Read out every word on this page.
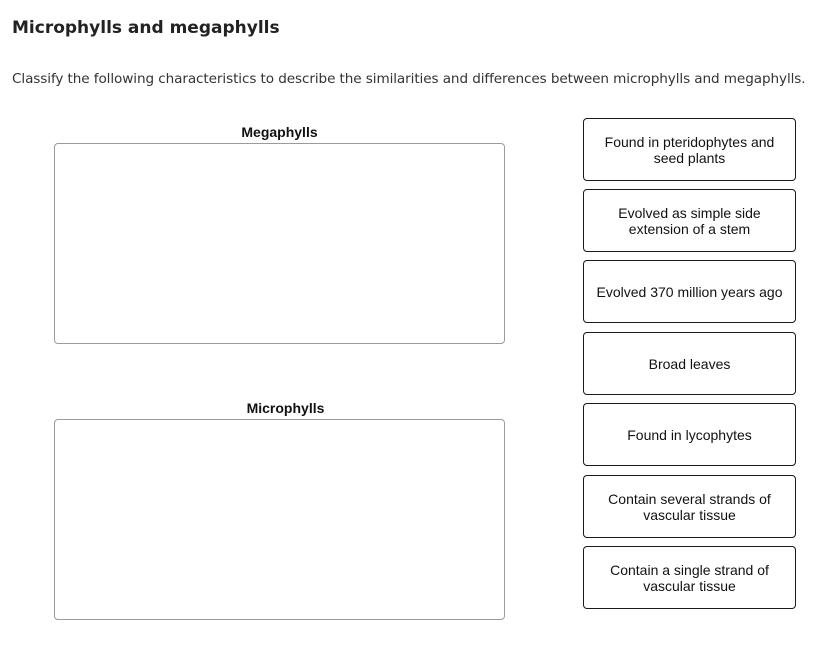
Microphylls and megaphylls
Classify the following characteristics to describe the similarities and differences between microphylls and megaphylls.
Megaphylls
Microphylls
Found in pteridophytes and seed plants
Evolved as simple side extension of a stem
Evolved 370 million years ago
Broad leaves
Found in lycophytes
Contain several strands of vascular tissue
Contain a single strand of vascular tissue
